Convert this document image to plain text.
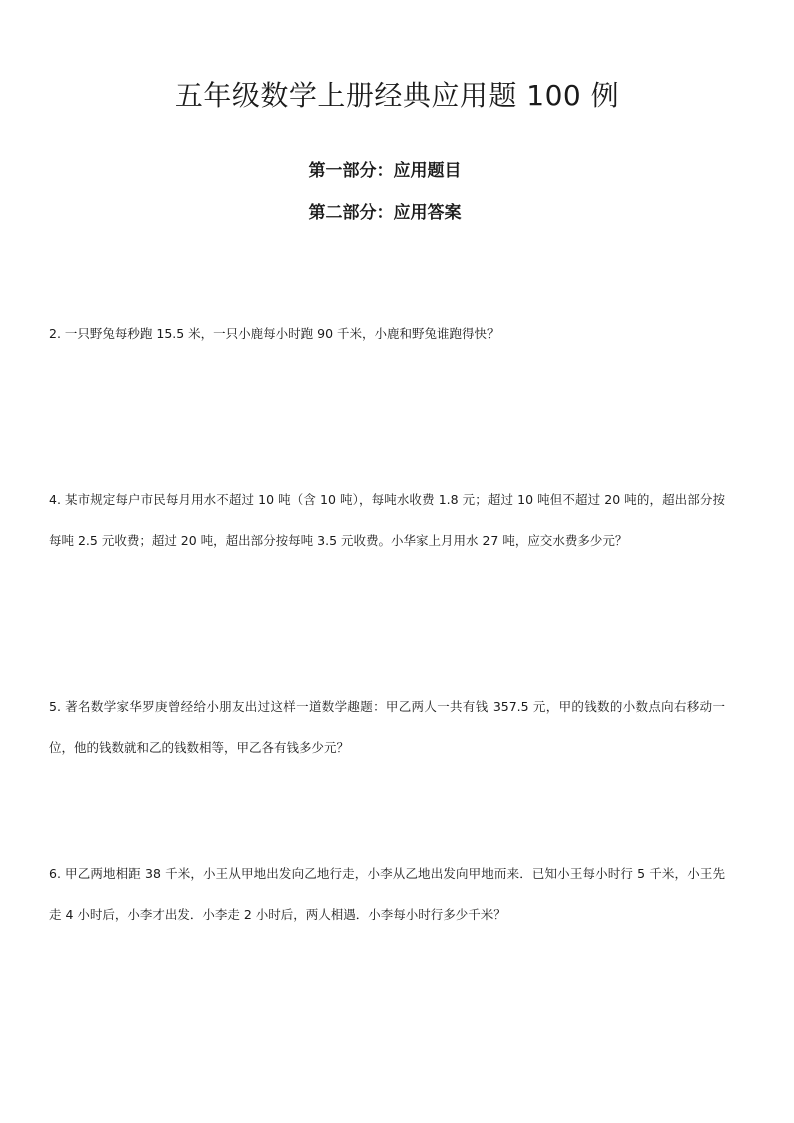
五年级数学上册经典应用题 100 例
第一部分：应用题目
第二部分：应用答案

2. 一只野兔每秒跑 15.5 米，一只小鹿每小时跑 90 千米，小鹿和野兔谁跑得快？

4. 某市规定每户市民每月用水不超过 10 吨（含 10 吨），每吨水收费 1.8 元；超过 10 吨但不超过 20 吨的，超出部分按每吨 2.5 元收费；超过 20 吨，超出部分按每吨 3.5 元收费。小华家上月用水 27 吨，应交水费多少元？

5. 著名数学家华罗庚曾经给小朋友出过这样一道数学趣题：甲乙两人一共有钱 357.5 元，甲的钱数的小数点向右移动一位，他的钱数就和乙的钱数相等，甲乙各有钱多少元？

6. 甲乙两地相距 38 千米，小王从甲地出发向乙地行走，小李从乙地出发向甲地而来．已知小王每小时行 5 千米，小王先走 4 小时后，小李才出发．小李走 2 小时后，两人相遇．小李每小时行多少千米？
